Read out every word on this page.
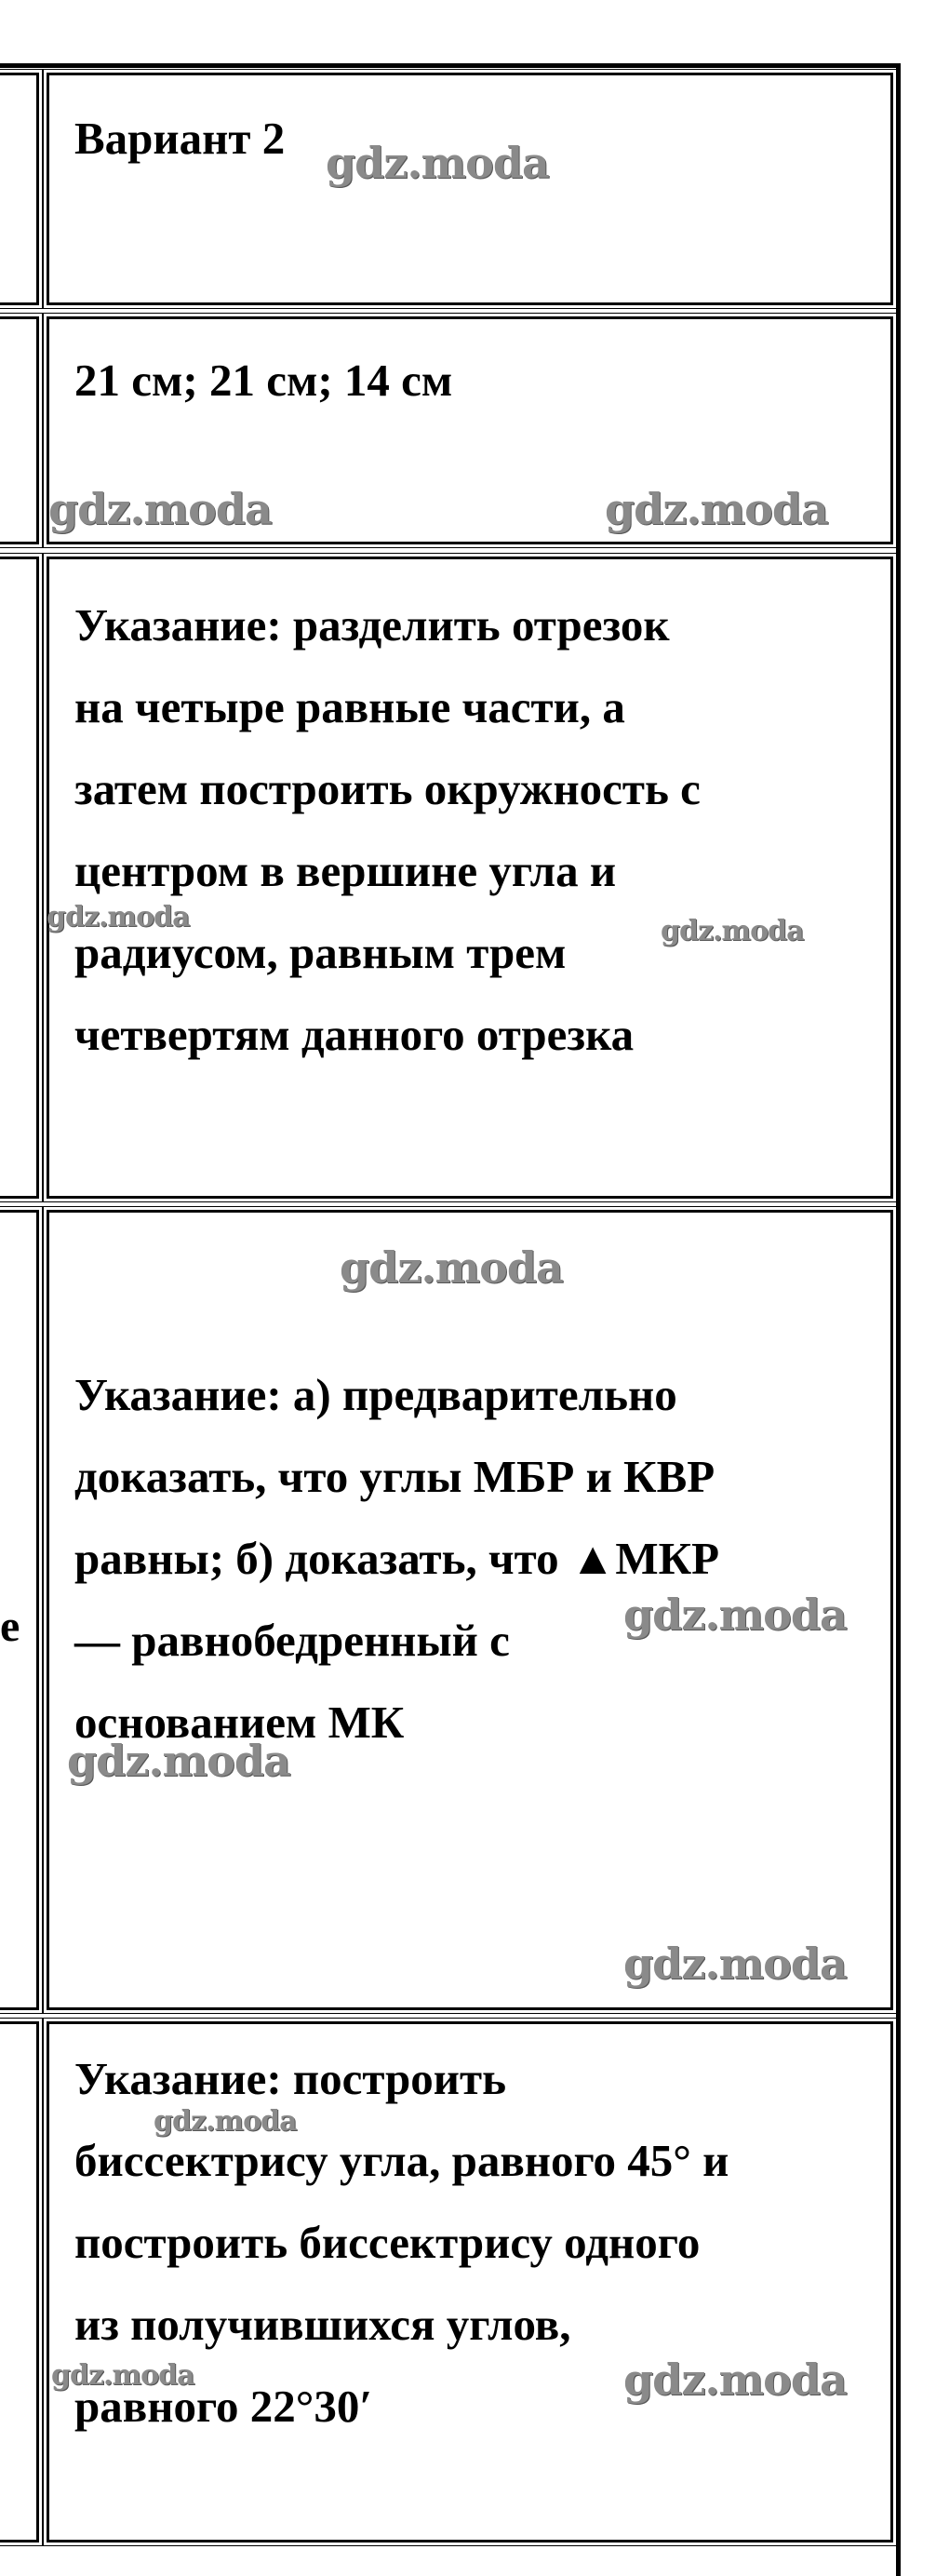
e

Вариант 2

21 см; 21 см; 14 см

Указание: разделить отрезок

на четыре равные части, а

затем построить окружность с

центром в вершине угла и

радиусом, равным трем

четвертям данного отрезка

Указание: а) предварительно

доказать, что углы МБР и КВР

равны; б) доказать, что ▲МКР

— равнобедренный с

основанием МК

Указание: построить

биссектрису угла, равного 45° и

построить биссектрису одного

из получившихся углов,

равного 22°30′

gdz.moda
gdz.moda	gdz.moda
gdz.moda	gdz.moda
gdz.moda
gdz.moda
gdz.moda
gdz.moda
gdz.moda
gdz.moda	gdz.moda
